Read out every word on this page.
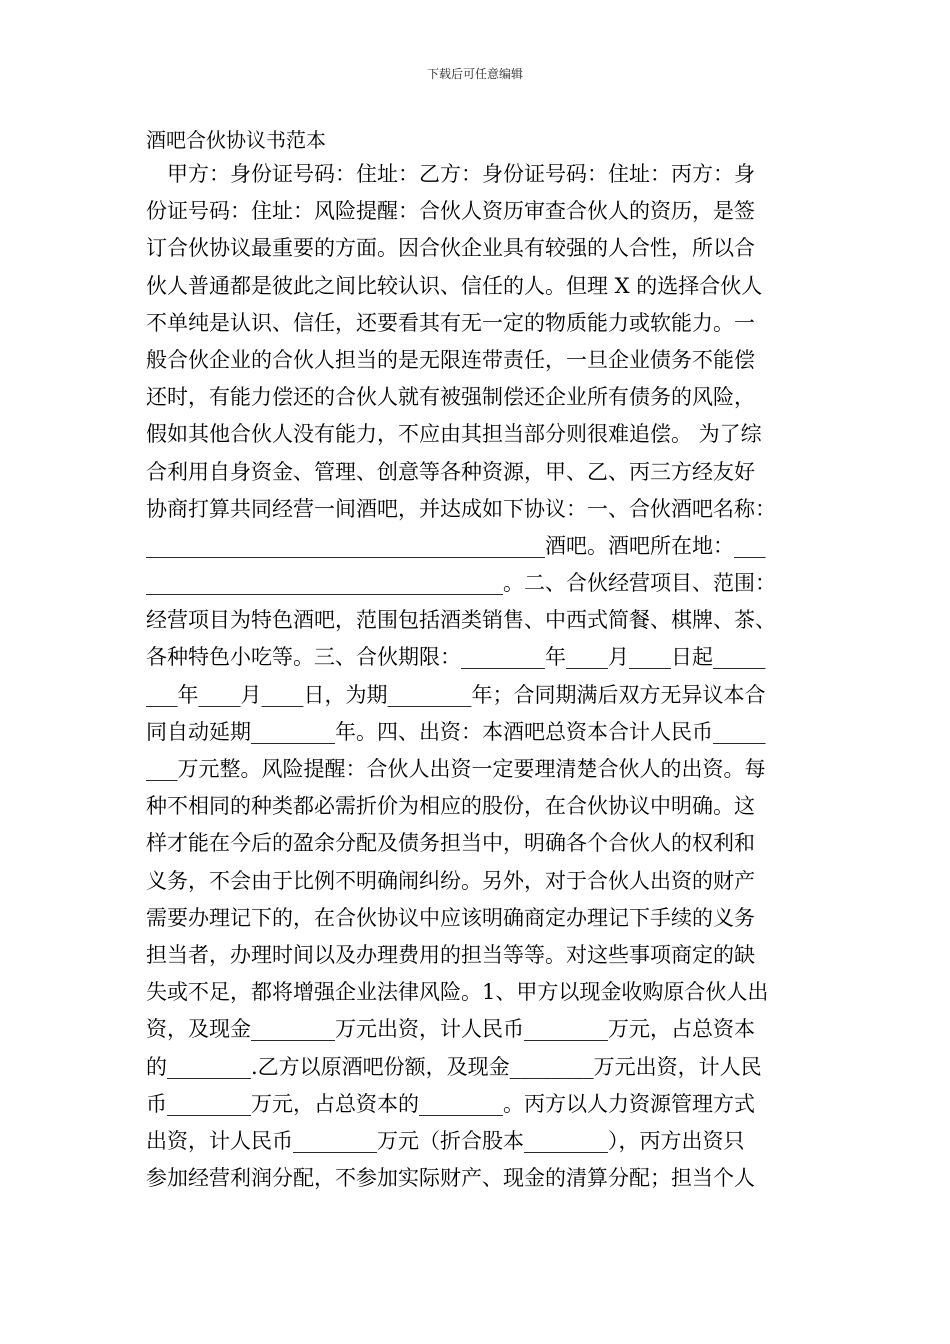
下载后可任意编辑
酒吧合伙协议书范本
　甲方：身份证号码：住址：乙方：身份证号码：住址：丙方：身
份证号码：住址：风险提醒：合伙人资历审查合伙人的资历，是签
订合伙协议最重要的方面。因合伙企业具有较强的人合性，所以合
伙人普通都是彼此之间比较认识、信任的人。但理 X 的选择合伙人
不单纯是认识、信任，还要看其有无一定的物质能力或软能力。一
般合伙企业的合伙人担当的是无限连带责任，一旦企业债务不能偿
还时，有能力偿还的合伙人就有被强制偿还企业所有债务的风险，
假如其他合伙人没有能力，不应由其担当部分则很难追偿。 为了综
合利用自身资金、管理、创意等各种资源，甲、乙、丙三方经友好
协商打算共同经营一间酒吧，并达成如下协议：一、合伙酒吧名称：
______________________________________酒吧。酒吧所在地：___
__________________________________。二、合伙经营项目、范围：
经营项目为特色酒吧，范围包括酒类销售、中西式简餐、棋牌、茶、
各种特色小吃等。三、合伙期限：________年____月____日起_____
___年____月____日，为期________年；合同期满后双方无异议本合
同自动延期________年。四、出资：本酒吧总资本合计人民币_____
___万元整。风险提醒：合伙人出资一定要理清楚合伙人的出资。每
种不相同的种类都必需折价为相应的股份，在合伙协议中明确。这
样才能在今后的盈余分配及债务担当中，明确各个合伙人的权利和
义务，不会由于比例不明确闹纠纷。另外，对于合伙人出资的财产
需要办理记下的，在合伙协议中应该明确商定办理记下手续的义务
担当者，办理时间以及办理费用的担当等等。对这些事项商定的缺
失或不足，都将增强企业法律风险。1、甲方以现金收购原合伙人出
资，及现金________万元出资，计人民币________万元，占总资本
的________.乙方以原酒吧份额，及现金________万元出资，计人民
币________万元，占总资本的________。丙方以人力资源管理方式
出资，计人民币________万元（折合股本________），丙方出资只
参加经营利润分配，不参加实际财产、现金的清算分配；担当个人
